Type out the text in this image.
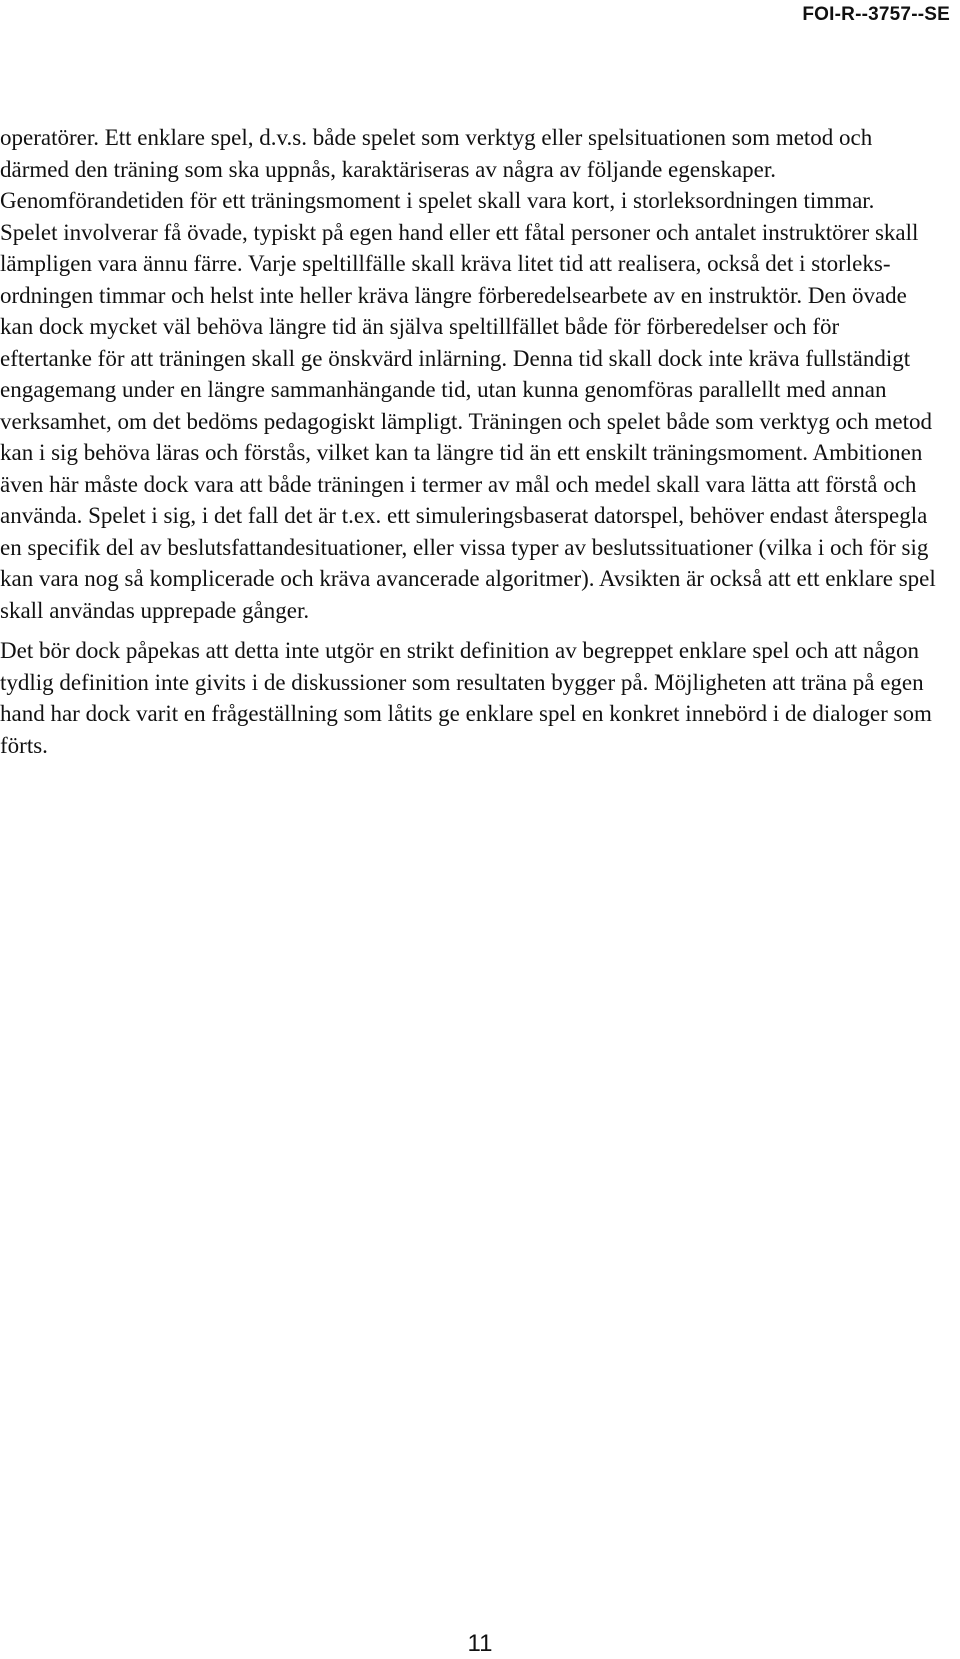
FOI-R--3757--SE

operatörer. Ett enklare spel, d.v.s. både spelet som verktyg eller spelsituationen som metod och därmed den träning som ska uppnås, karaktäriseras av några av följande egenskaper. Genomförandetiden för ett träningsmoment i spelet skall vara kort, i storleksordningen timmar. Spelet involverar få övade, typiskt på egen hand eller ett fåtal personer och antalet instruktörer skall lämpligen vara ännu färre. Varje speltillfälle skall kräva litet tid att realisera, också det i storleks-ordningen timmar och helst inte heller kräva längre förberedelsearbete av en instruktör. Den övade kan dock mycket väl behöva längre tid än själva speltillfället både för förberedelser och för eftertanke för att träningen skall ge önskvärd inlärning. Denna tid skall dock inte kräva fullständigt engagemang under en längre sammanhängande tid, utan kunna genomföras parallellt med annan verksamhet, om det bedöms pedagogiskt lämpligt. Träningen och spelet både som verktyg och metod kan i sig behöva läras och förstås, vilket kan ta längre tid än ett enskilt träningsmoment. Ambitionen även här måste dock vara att både träningen i termer av mål och medel skall vara lätta att förstå och använda. Spelet i sig, i det fall det är t.ex. ett simuleringsbaserat datorspel, behöver endast återspegla en specifik del av beslutsfattandesituationer, eller vissa typer av beslutssituationer (vilka i och för sig kan vara nog så komplicerade och kräva avancerade algoritmer). Avsikten är också att ett enklare spel skall användas upprepade gånger.

Det bör dock påpekas att detta inte utgör en strikt definition av begreppet enklare spel och att någon tydlig definition inte givits i de diskussioner som resultaten bygger på. Möjligheten att träna på egen hand har dock varit en frågeställning som låtits ge enklare spel en konkret innebörd i de dialoger som förts.

11
